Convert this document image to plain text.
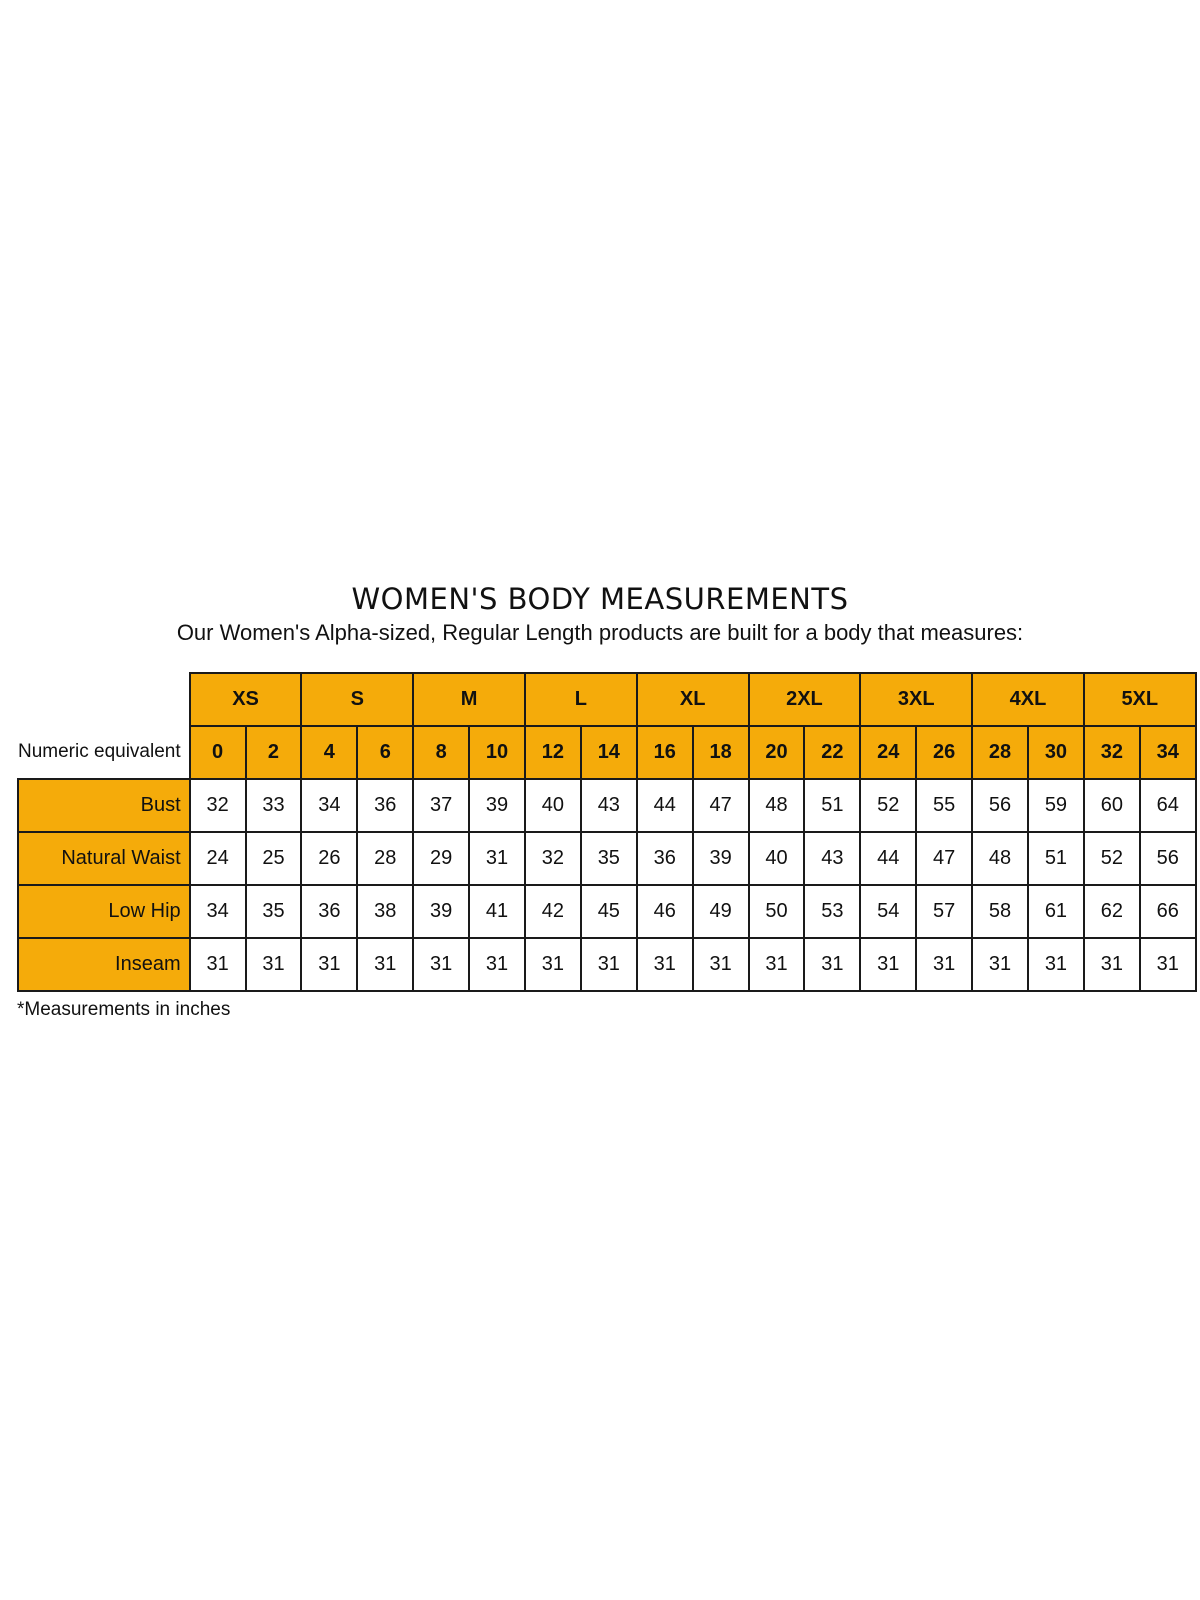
WOMEN'S BODY MEASUREMENTS
Our Women's Alpha-sized, Regular Length products are built for a body that measures:
	XS		S		M		L		XL		2XL		3XL		4XL		5XL	
Numeric equivalent	0	2	4	6	8	10	12	14	16	18	20	22	24	26	28	30	32	34
Bust	32	33	34	36	37	39	40	43	44	47	48	51	52	55	56	59	60	64
Natural Waist	24	25	26	28	29	31	32	35	36	39	40	43	44	47	48	51	52	56
Low Hip	34	35	36	38	39	41	42	45	46	49	50	53	54	57	58	61	62	66
Inseam	31	31	31	31	31	31	31	31	31	31	31	31	31	31	31	31	31	31
*Measurements in inches
